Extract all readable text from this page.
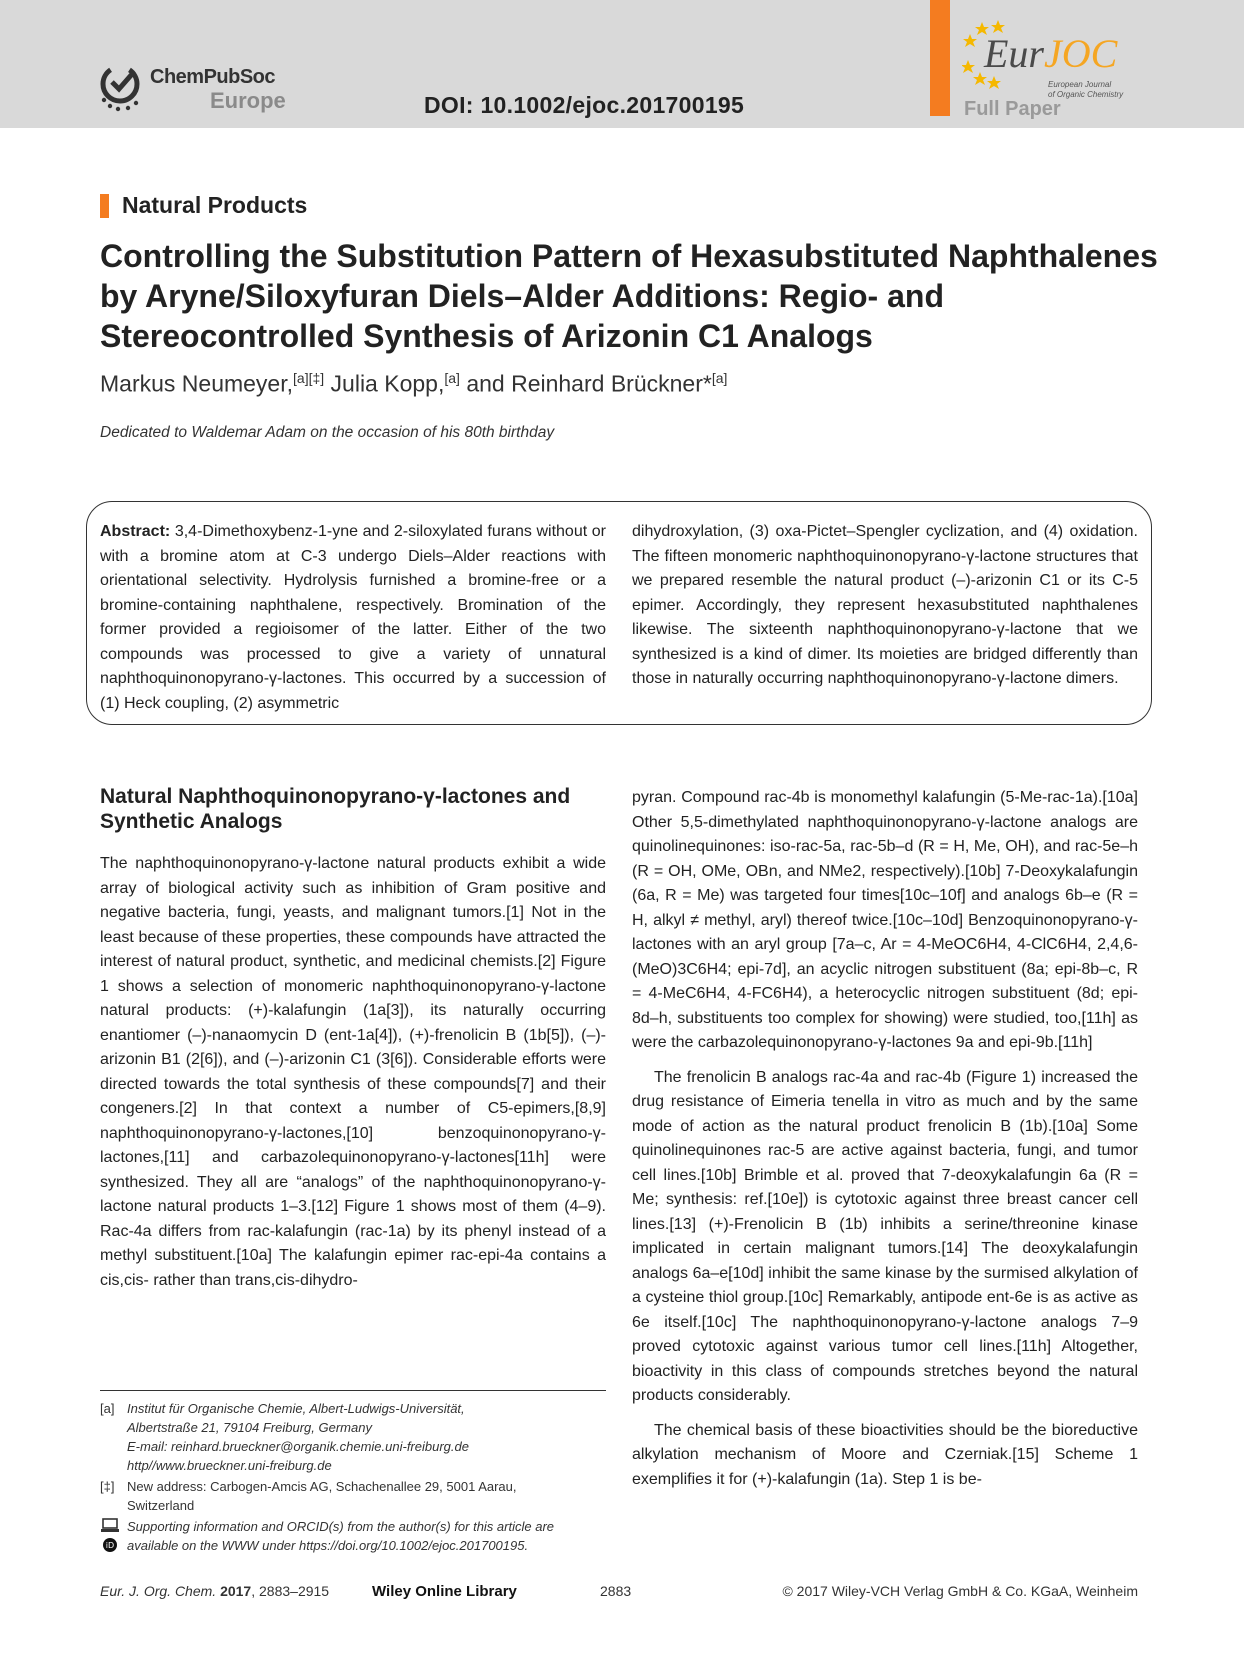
ChemPubSoc
Europe	DOI: 10.1002/ejoc.201700195
EurJOC
European Journal
of Organic Chemistry
Full Paper
Natural Products
Controlling the Substitution Pattern of Hexasubstituted Naphthalenes by Aryne/Siloxyfuran Diels–Alder Additions: Regio- and Stereocontrolled Synthesis of Arizonin C1 Analogs
Markus Neumeyer,[a][‡] Julia Kopp,[a] and Reinhard Brückner*[a]
Dedicated to Waldemar Adam on the occasion of his 80th birthday
Abstract: 3,4-Dimethoxybenz-1-yne and 2-siloxylated furans without or with a bromine atom at C-3 undergo Diels–Alder reactions with orientational selectivity. Hydrolysis furnished a bromine-free or a bromine-containing naphthalene, respectively. Bromination of the former provided a regioisomer of the latter. Either of the two compounds was processed to give a variety of unnatural naphthoquinonopyrano-γ-lactones. This occurred by a succession of (1) Heck coupling, (2) asymmetric
dihydroxylation, (3) oxa-Pictet–Spengler cyclization, and (4) oxidation. The fifteen monomeric naphthoquinonopyrano-γ-lactone structures that we prepared resemble the natural product (–)-arizonin C1 or its C-5 epimer. Accordingly, they represent hexasubstituted naphthalenes likewise. The sixteenth naphthoquinonopyrano-γ-lactone that we synthesized is a kind of dimer. Its moieties are bridged differently than those in naturally occurring naphthoquinonopyrano-γ-lactone dimers.
Natural Naphthoquinonopyrano-γ-lactones and Synthetic Analogs

The naphthoquinonopyrano-γ-lactone natural products exhibit a wide array of biological activity such as inhibition of Gram positive and negative bacteria, fungi, yeasts, and malignant tumors.[1] Not in the least because of these properties, these compounds have attracted the interest of natural product, synthetic, and medicinal chemists.[2] Figure 1 shows a selection of monomeric naphthoquinonopyrano-γ-lactone natural products: (+)-kalafungin (1a[3]), its naturally occurring enantiomer (–)-nanaomycin D (ent-1a[4]), (+)-frenolicin B (1b[5]), (–)-arizonin B1 (2[6]), and (–)-arizonin C1 (3[6]). Considerable efforts were directed towards the total synthesis of these compounds[7] and their congeners.[2] In that context a number of C5-epimers,[8,9] naphthoquinonopyrano-γ-lactones,[10] benzoquinonopyrano-γ-lactones,[11] and carbazolequinonopyrano-γ-lactones[11h] were synthesized. They all are “analogs” of the naphthoquinonopyrano-γ-lactone natural products 1–3.[12] Figure 1 shows most of them (4–9). Rac-4a differs from rac-kalafungin (rac-1a) by its phenyl instead of a methyl substituent.[10a] The kalafungin epimer rac-epi-4a contains a cis,cis- rather than trans,cis-dihydro-

pyran. Compound rac-4b is monomethyl kalafungin (5-Me-rac-1a).[10a] Other 5,5-dimethylated naphthoquinonopyrano-γ-lactone analogs are quinolinequinones: iso-rac-5a, rac-5b–d (R = H, Me, OH), and rac-5e–h (R = OH, OMe, OBn, and NMe2, respectively).[10b] 7-Deoxykalafungin (6a, R = Me) was targeted four times[10c–10f] and analogs 6b–e (R = H, alkyl ≠ methyl, aryl) thereof twice.[10c–10d] Benzoquinonopyrano-γ-lactones with an aryl group [7a–c, Ar = 4-MeOC6H4, 4-ClC6H4, 2,4,6-(MeO)3C6H4; epi-7d], an acyclic nitrogen substituent (8a; epi-8b–c, R = 4-MeC6H4, 4-FC6H4), a heterocyclic nitrogen substituent (8d; epi-8d–h, substituents too complex for showing) were studied, too,[11h] as were the carbazolequinonopyrano-γ-lactones 9a and epi-9b.[11h]

The frenolicin B analogs rac-4a and rac-4b (Figure 1) increased the drug resistance of Eimeria tenella in vitro as much and by the same mode of action as the natural product frenolicin B (1b).[10a] Some quinolinequinones rac-5 are active against bacteria, fungi, and tumor cell lines.[10b] Brimble et al. proved that 7-deoxykalafungin 6a (R = Me; synthesis: ref.[10e]) is cytotoxic against three breast cancer cell lines.[13] (+)-Frenolicin B (1b) inhibits a serine/threonine kinase implicated in certain malignant tumors.[14] The deoxykalafungin analogs 6a–e[10d] inhibit the same kinase by the surmised alkylation of a cysteine thiol group.[10c] Remarkably, antipode ent-6e is as active as 6e itself.[10c] The naphthoquinonopyrano-γ-lactone analogs 7–9 proved cytotoxic against various tumor cell lines.[11h] Altogether, bioactivity in this class of compounds stretches beyond the natural products considerably.

The chemical basis of these bioactivities should be the bioreductive alkylation mechanism of Moore and Czerniak.[15] Scheme 1 exemplifies it for (+)-kalafungin (1a). Step 1 is be-

[a] Institut für Organische Chemie, Albert-Ludwigs-Universität,
Albertstraße 21, 79104 Freiburg, Germany
E-mail: reinhard.brueckner@organik.chemie.uni-freiburg.de
http//www.brueckner.uni-freiburg.de
[‡] New address: Carbogen-Amcis AG, Schachenallee 29, 5001 Aarau,
Switzerland
iD
Supporting information and ORCID(s) from the author(s) for this article are
available on the WWW under https://doi.org/10.1002/ejoc.201700195.
Eur. J. Org. Chem. 2017, 2883–2915	Wiley Online Library	2883	© 2017 Wiley-VCH Verlag GmbH & Co. KGaA, Weinheim
